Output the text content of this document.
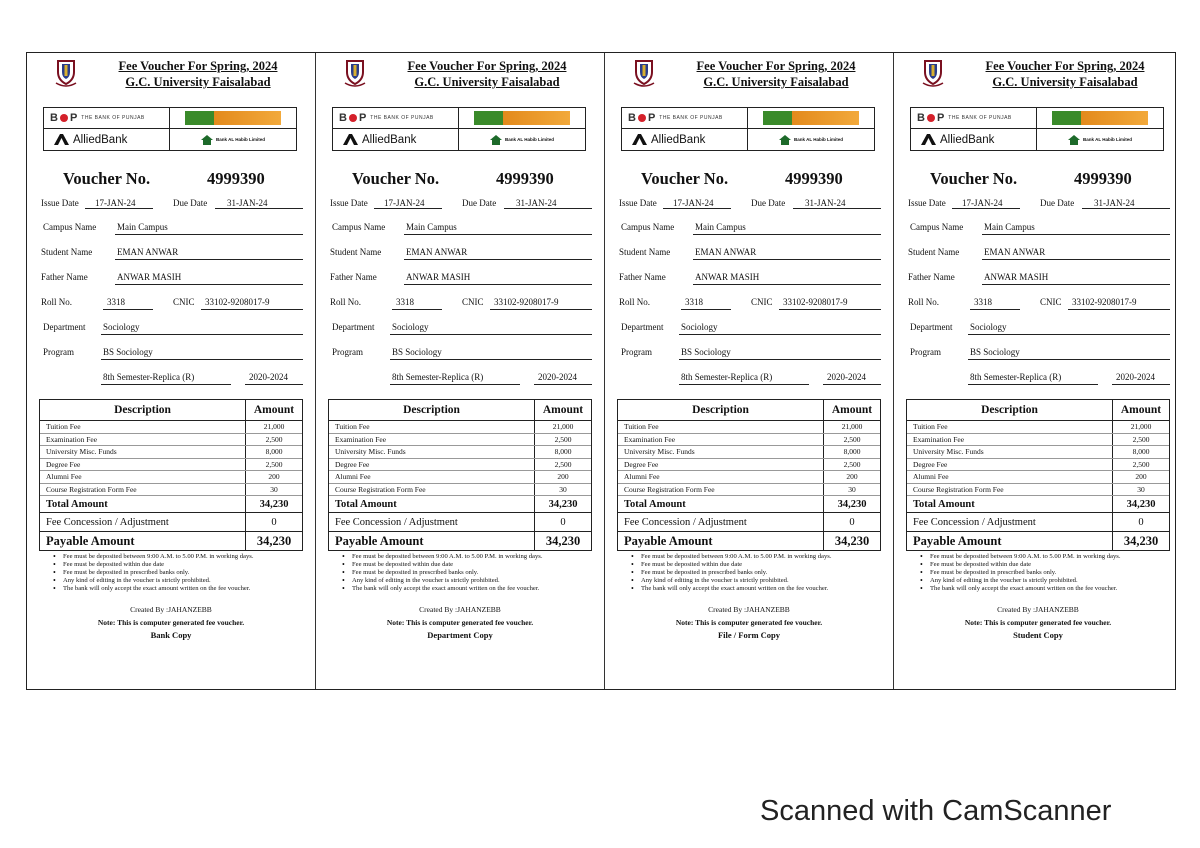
Fee Voucher For Spring, 2024
G.C. University Faisalabad
B P THE BANK OF PUNJAB
AlliedBank	Bank AL Habib Limited
Voucher No.	4999390
Issue Date 17-JAN-24	Due Date 31-JAN-24
Campus Name Main Campus
Student Name	EMAN ANWAR
Father Name	ANWAR MASIH
Roll No.	3318	CNIC 33102-9208017-9
Department Sociology
Program	BS Sociology
8th Semester-Replica (R)	2020-2024
Description	Amount
Tuition Fee	21,000
Examination Fee	2,500
University Misc. Funds	8,000
Degree Fee	2,500
Alumni Fee	200
Course Registration Form Fee	30
Total Amount	34,230
Fee Concession / Adjustment	0
Payable Amount	34,230
• Fee must be deposited between 9:00 A.M. to 5.00 P.M. in working days.
• Fee must be deposited within due date
• Fee must be deposited in prescribed banks only.
• Any kind of editing in the voucher is strictly prohibited.
• The bank will only accept the exact amount written on the fee voucher.
Created By :JAHANZEBB
Note: This is computer generated fee voucher.
Bank Copy
Fee Voucher For Spring, 2024
G.C. University Faisalabad
B P THE BANK OF PUNJAB
AlliedBank	Bank AL Habib Limited
Voucher No.	4999390
Issue Date 17-JAN-24	Due Date 31-JAN-24
Campus Name Main Campus
Student Name	EMAN ANWAR
Father Name	ANWAR MASIH
Roll No.	3318	CNIC 33102-9208017-9
Department Sociology
Program	BS Sociology
8th Semester-Replica (R)	2020-2024
Description	Amount
Tuition Fee	21,000
Examination Fee	2,500
University Misc. Funds	8,000
Degree Fee	2,500
Alumni Fee	200
Course Registration Form Fee	30
Total Amount	34,230
Fee Concession / Adjustment	0
Payable Amount	34,230
• Fee must be deposited between 9:00 A.M. to 5.00 P.M. in working days.
• Fee must be deposited within due date
• Fee must be deposited in prescribed banks only.
• Any kind of editing in the voucher is strictly prohibited.
• The bank will only accept the exact amount written on the fee voucher.
Created By :JAHANZEBB
Note: This is computer generated fee voucher.
Department Copy
Fee Voucher For Spring, 2024
G.C. University Faisalabad
B P THE BANK OF PUNJAB
AlliedBank	Bank AL Habib Limited
Voucher No.	4999390
Issue Date 17-JAN-24	Due Date 31-JAN-24
Campus Name Main Campus
Student Name	EMAN ANWAR
Father Name	ANWAR MASIH
Roll No.	3318	CNIC 33102-9208017-9
Department Sociology
Program	BS Sociology
8th Semester-Replica (R)	2020-2024
Description	Amount
Tuition Fee	21,000
Examination Fee	2,500
University Misc. Funds	8,000
Degree Fee	2,500
Alumni Fee	200
Course Registration Form Fee	30
Total Amount	34,230
Fee Concession / Adjustment	0
Payable Amount	34,230
• Fee must be deposited between 9:00 A.M. to 5.00 P.M. in working days.
• Fee must be deposited within due date
• Fee must be deposited in prescribed banks only.
• Any kind of editing in the voucher is strictly prohibited.
• The bank will only accept the exact amount written on the fee voucher.
Created By :JAHANZEBB
Note: This is computer generated fee voucher.
File / Form Copy
Fee Voucher For Spring, 2024
G.C. University Faisalabad
B P THE BANK OF PUNJAB
AlliedBank	Bank AL Habib Limited
Voucher No.	4999390
Issue Date 17-JAN-24	Due Date 31-JAN-24
Campus Name Main Campus
Student Name	EMAN ANWAR
Father Name	ANWAR MASIH
Roll No.	3318	CNIC 33102-9208017-9
Department Sociology
Program	BS Sociology
8th Semester-Replica (R)	2020-2024
Description	Amount
Tuition Fee	21,000
Examination Fee	2,500
University Misc. Funds	8,000
Degree Fee	2,500
Alumni Fee	200
Course Registration Form Fee	30
Total Amount	34,230
Fee Concession / Adjustment	0
Payable Amount	34,230
• Fee must be deposited between 9:00 A.M. to 5.00 P.M. in working days.
• Fee must be deposited within due date
• Fee must be deposited in prescribed banks only.
• Any kind of editing in the voucher is strictly prohibited.
• The bank will only accept the exact amount written on the fee voucher.
Created By :JAHANZEBB
Note: This is computer generated fee voucher.
Student Copy
Scanned with CamScanner
